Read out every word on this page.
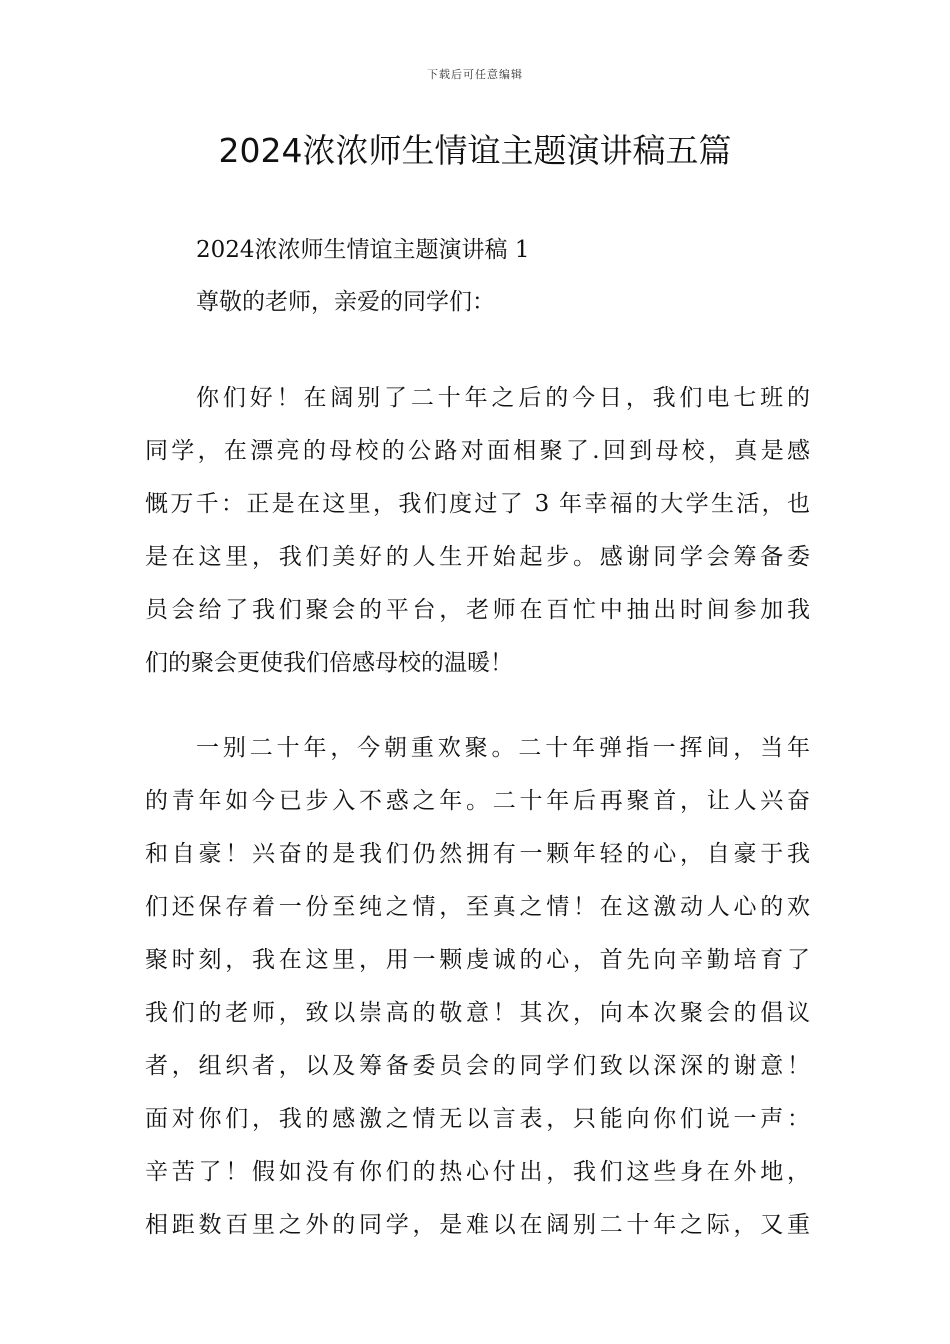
下载后可任意编辑
2024浓浓师生情谊主题演讲稿五篇

2024浓浓师生情谊主题演讲稿 1

尊敬的老师，亲爱的同学们：

你们好！在阔别了二十年之后的今日，我们电七班的
同学，在漂亮的母校的公路对面相聚了.回到母校，真是感
慨万千：正是在这里，我们度过了 3 年幸福的大学生活，也
是在这里，我们美好的人生开始起步。感谢同学会筹备委
员会给了我们聚会的平台，老师在百忙中抽出时间参加我
们的聚会更使我们倍感母校的温暖！
一别二十年，今朝重欢聚。二十年弹指一挥间，当年
的青年如今已步入不惑之年。二十年后再聚首，让人兴奋
和自豪！兴奋的是我们仍然拥有一颗年轻的心，自豪于我
们还保存着一份至纯之情，至真之情！在这激动人心的欢
聚时刻，我在这里，用一颗虔诚的心，首先向辛勤培育了
我们的老师，致以崇高的敬意！其次，向本次聚会的倡议
者，组织者，以及筹备委员会的同学们致以深深的谢意！
面对你们，我的感激之情无以言表，只能向你们说一声：
辛苦了！假如没有你们的热心付出，我们这些身在外地，
相距数百里之外的同学，是难以在阔别二十年之际，又重
